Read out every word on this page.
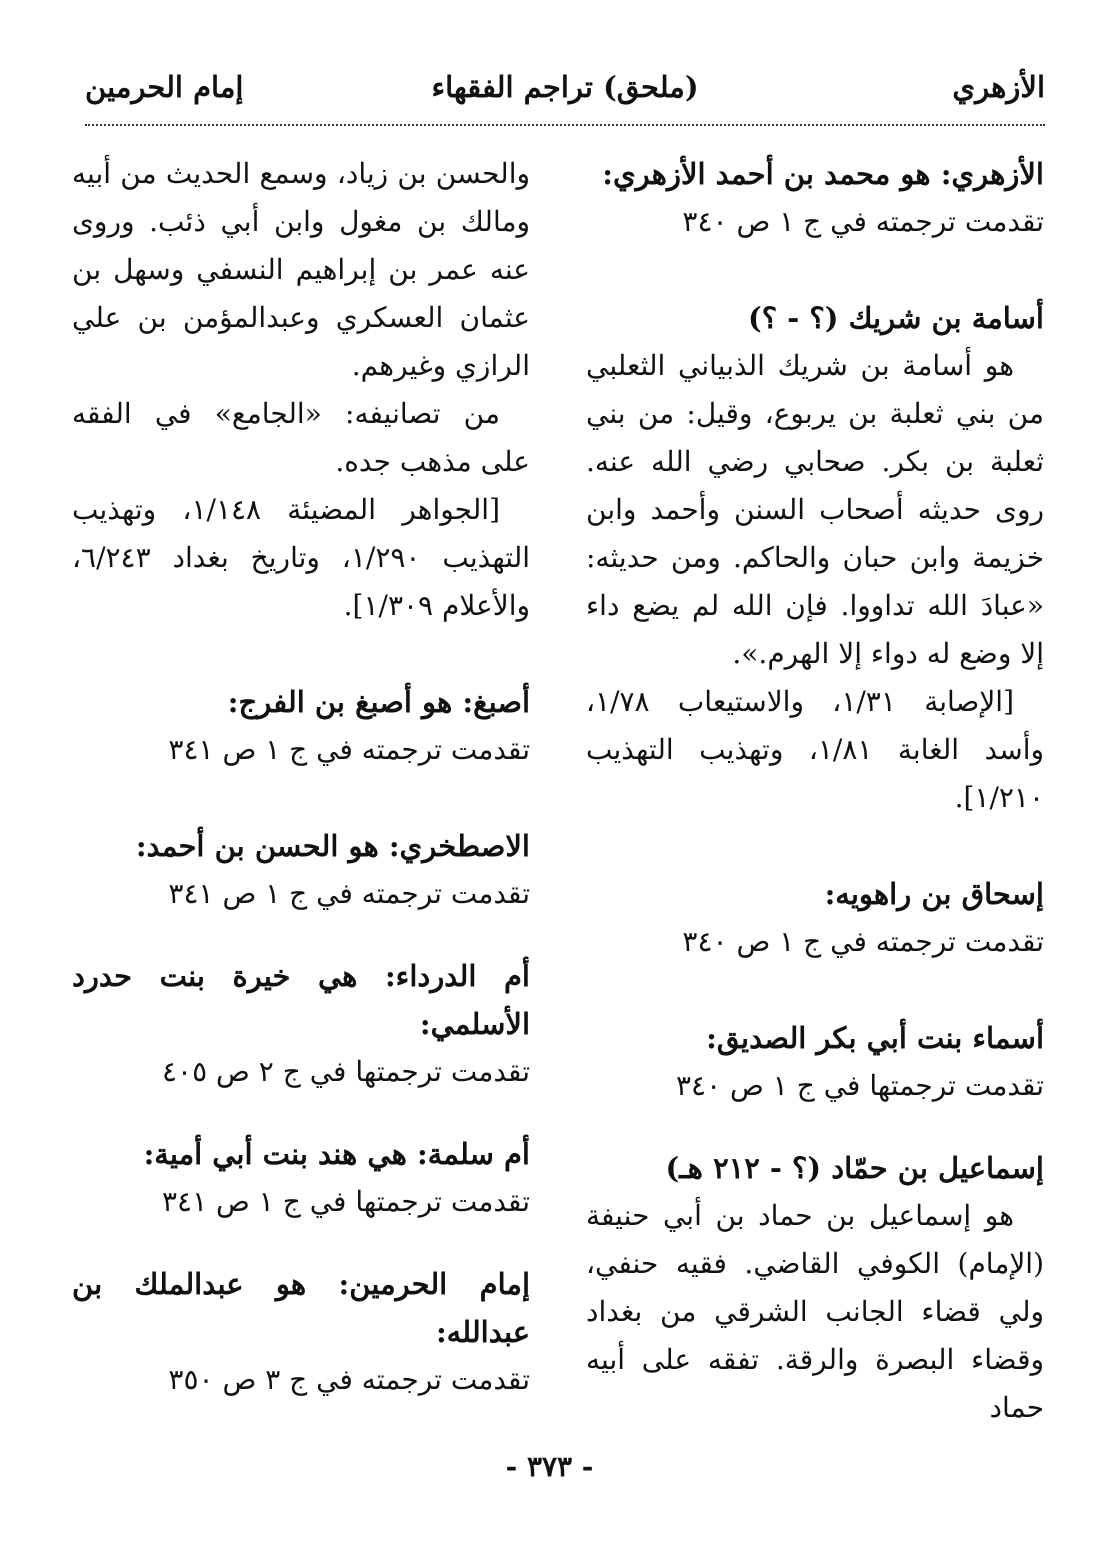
الأزهري
(ملحق) تراجم الفقهاء
إمام الحرمين

الأزهري: هو محمد بن أحمد الأزهري:

تقدمت ترجمته في ج ١ ص ٣٤٠

أسامة بن شريك (؟ - ؟)

هو أسامة بن شريك الذبياني الثعلبي من بني ثعلبة بن يربوع، وقيل: من بني ثعلبة بن بكر. صحابي رضي الله عنه. روى حديثه أصحاب السنن وأحمد وابن خزيمة وابن حبان والحاكم. ومن حديثه: «عبادَ الله تداووا. فإن الله لم يضع داء إلا وضع له دواء إلا الهرم.».

[الإصابة ١/٣١، والاستيعاب ١/٧٨، وأسد الغابة ١/٨١، وتهذيب التهذيب ١/٢١٠].

إسحاق بن راهويه:

تقدمت ترجمته في ج ١ ص ٣٤٠

أسماء بنت أبي بكر الصديق:

تقدمت ترجمتها في ج ١ ص ٣٤٠

إسماعيل بن حمّاد (؟ - ٢١٢ هـ)

هو إسماعيل بن حماد بن أبي حنيفة (الإمام) الكوفي القاضي. فقيه حنفي، ولي قضاء الجانب الشرقي من بغداد وقضاء البصرة والرقة. تفقه على أبيه حماد

والحسن بن زياد، وسمع الحديث من أبيه ومالك بن مغول وابن أبي ذئب. وروى عنه عمر بن إبراهيم النسفي وسهل بن عثمان العسكري وعبدالمؤمن بن علي الرازي وغيرهم.

من تصانيفه: «الجامع» في الفقه على مذهب جده.

[الجواهر المضيئة ١/١٤٨، وتهذيب التهذيب ١/٢٩٠، وتاريخ بغداد ٦/٢٤٣، والأعلام ١/٣٠٩].

أصبغ: هو أصبغ بن الفرج:

تقدمت ترجمته في ج ١ ص ٣٤١

الاصطخري: هو الحسن بن أحمد:

تقدمت ترجمته في ج ١ ص ٣٤١

أم الدرداء: هي خيرة بنت حدرد الأسلمي:

تقدمت ترجمتها في ج ٢ ص ٤٠٥

أم سلمة: هي هند بنت أبي أمية:

تقدمت ترجمتها في ج ١ ص ٣٤١

إمام الحرمين: هو عبدالملك بن عبدالله:

تقدمت ترجمته في ج ٣ ص ٣٥٠

- ٣٧٣ -
